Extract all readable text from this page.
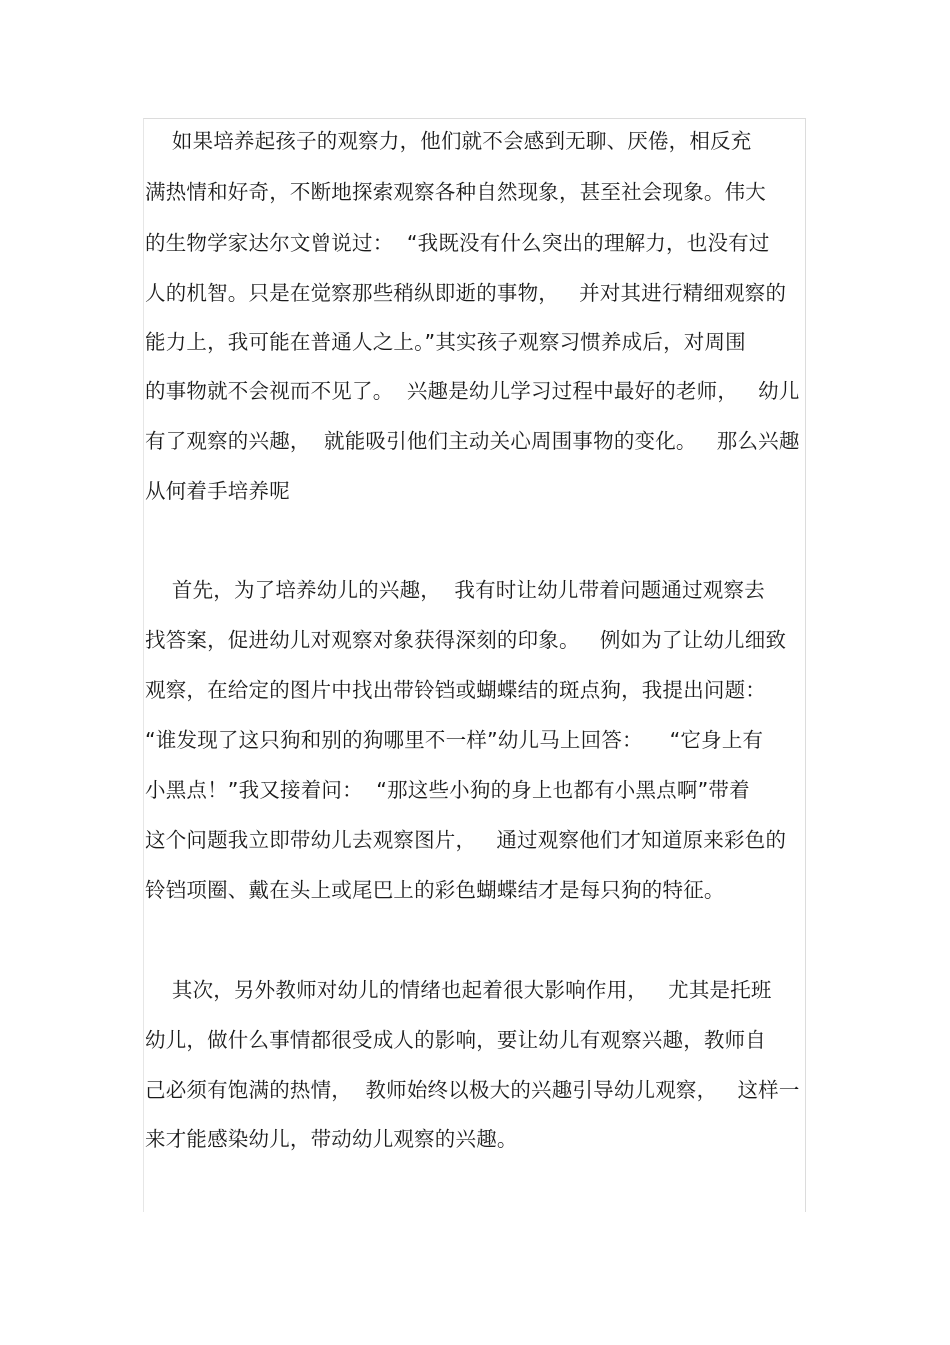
如果培养起孩子的观察力，他们就不会感到无聊、厌倦，相反充

满热情和好奇，不断地探索观察各种自然现象，甚至社会现象。伟大

的生物学家达尔文曾说过：  “我既没有什么突出的理解力，也没有过

人的机智。只是在觉察那些稍纵即逝的事物，   并对其进行精细观察的

能力上，我可能在普通人之上。”其实孩子观察习惯养成后，对周围

的事物就不会视而不见了。  兴趣是幼儿学习过程中最好的老师，   幼儿

有了观察的兴趣，  就能吸引他们主动关心周围事物的变化。   那么兴趣

从何着手培养呢

首先，为了培养幼儿的兴趣，  我有时让幼儿带着问题通过观察去

找答案，促进幼儿对观察对象获得深刻的印象。   例如为了让幼儿细致

观察，在给定的图片中找出带铃铛或蝴蝶结的斑点狗，我提出问题：

“谁发现了这只狗和别的狗哪里不一样”幼儿马上回答：    “它身上有

小黑点！”我又接着问：  “那这些小狗的身上也都有小黑点啊”带着

这个问题我立即带幼儿去观察图片，   通过观察他们才知道原来彩色的

铃铛项圈、戴在头上或尾巴上的彩色蝴蝶结才是每只狗的特征。

其次，另外教师对幼儿的情绪也起着很大影响作用，   尤其是托班

幼儿，做什么事情都很受成人的影响，要让幼儿有观察兴趣，教师自

己必须有饱满的热情，  教师始终以极大的兴趣引导幼儿观察，   这样一

来才能感染幼儿，带动幼儿观察的兴趣。
